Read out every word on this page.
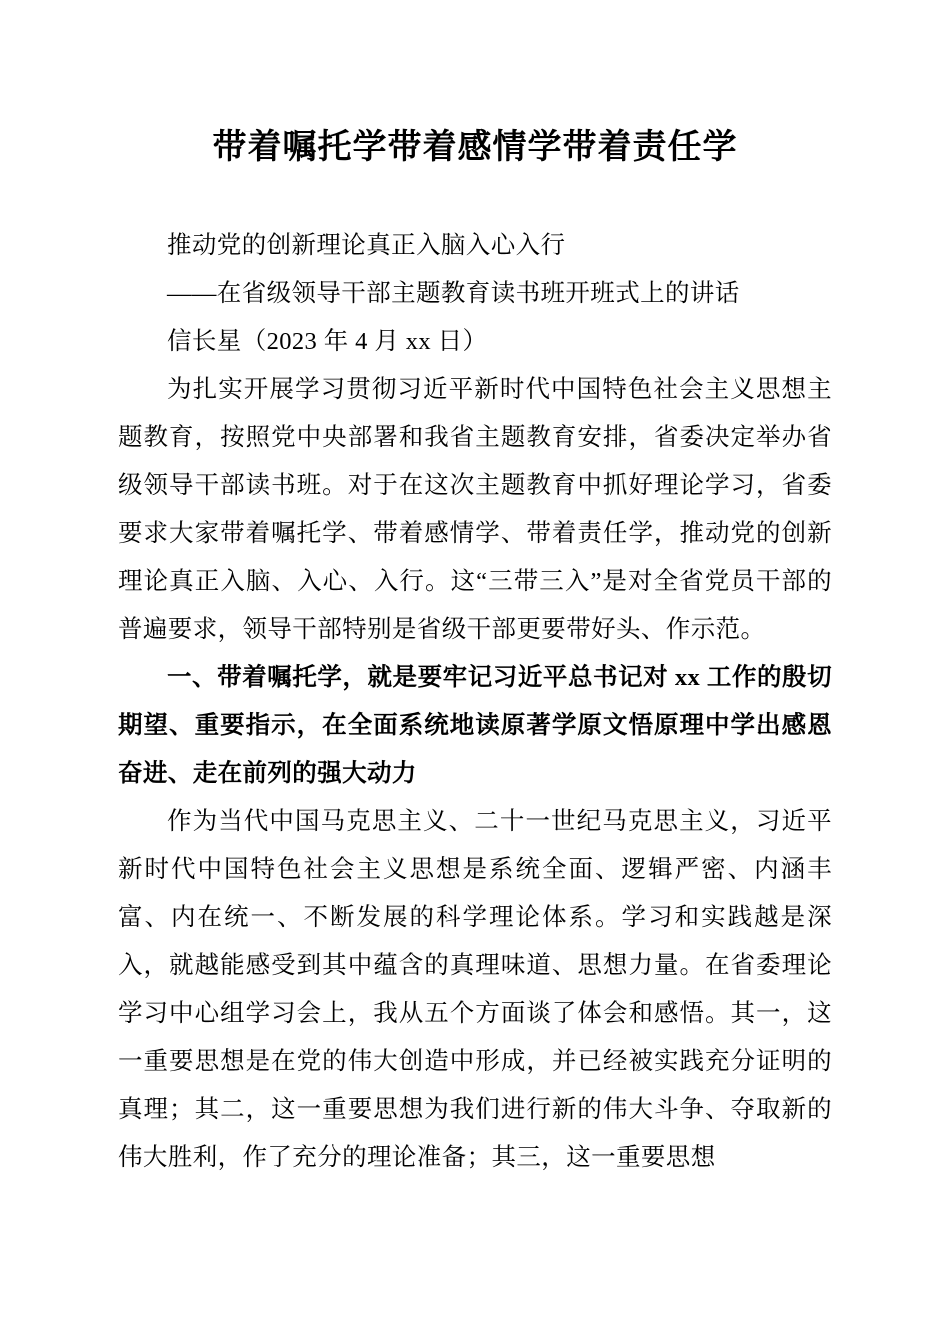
带着嘱托学带着感情学带着责任学

推动党的创新理论真正入脑入心入行

——在省级领导干部主题教育读书班开班式上的讲话

信长星（2023 年 4 月 xx 日）

为扎实开展学习贯彻习近平新时代中国特色社会主义思想主题教育，按照党中央部署和我省主题教育安排，省委决定举办省级领导干部读书班。对于在这次主题教育中抓好理论学习，省委要求大家带着嘱托学、带着感情学、带着责任学，推动党的创新理论真正入脑、入心、入行。这“三带三入”是对全省党员干部的普遍要求，领导干部特别是省级干部更要带好头、作示范。

一、带着嘱托学，就是要牢记习近平总书记对 xx 工作的殷切期望、重要指示，在全面系统地读原著学原文悟原理中学出感恩奋进、走在前列的强大动力

作为当代中国马克思主义、二十一世纪马克思主义，习近平新时代中国特色社会主义思想是系统全面、逻辑严密、内涵丰富、内在统一、不断发展的科学理论体系。学习和实践越是深入，就越能感受到其中蕴含的真理味道、思想力量。在省委理论学习中心组学习会上，我从五个方面谈了体会和感悟。其一，这一重要思想是在党的伟大创造中形成，并已经被实践充分证明的真理；其二，这一重要思想为我们进行新的伟大斗争、夺取新的伟大胜利，作了充分的理论准备；其三，这一重要思想
